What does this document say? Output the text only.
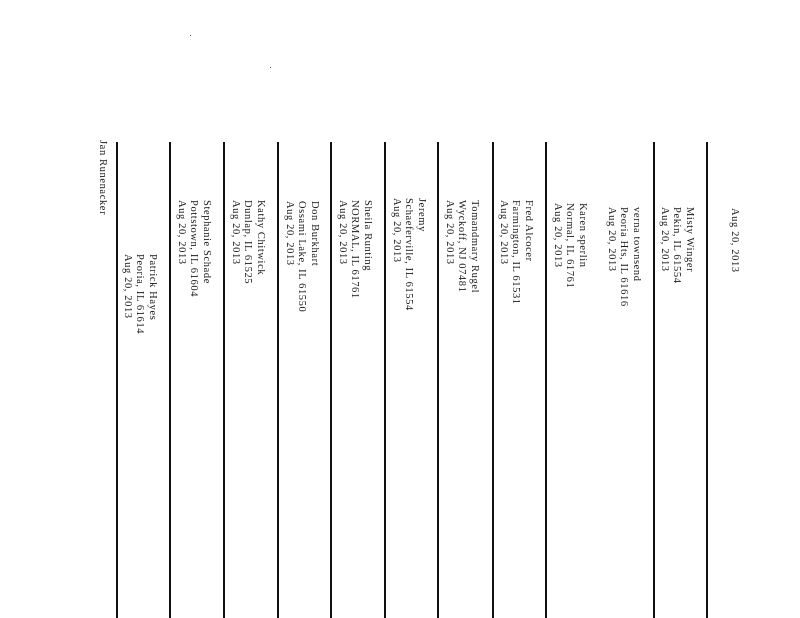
Aug 20, 2013
Misty Winger
Pekin, IL 61554
Aug 20, 2013
verna townsend
Peoria Hts, IL 61616
Aug 20, 2013
Karen sperlin
Normal, IL 61761
Aug 20, 2013
Fred Alcocer
Farmington, IL 61531
Aug 20, 2013
Tomandmary Rugel
Wyckoff, NJ 07481
Aug 20, 2013
Jeremy
Schaeferville, IL 61554
Aug 20, 2013
Sheila Runting
NORMAL, IL 61761
Aug 20, 2013
Don Burkhart
Ossami Lake, IL 61550
Aug 20, 2013
Kathy Chitwick
Dunlap, IL 61525
Aug 20, 2013
Stephanie Schade
Pottstown, IL 61604
Aug 20, 2013
Patrick Hayes
Peoria, IL 61614
Aug 20, 2013
Jan Runenacker
